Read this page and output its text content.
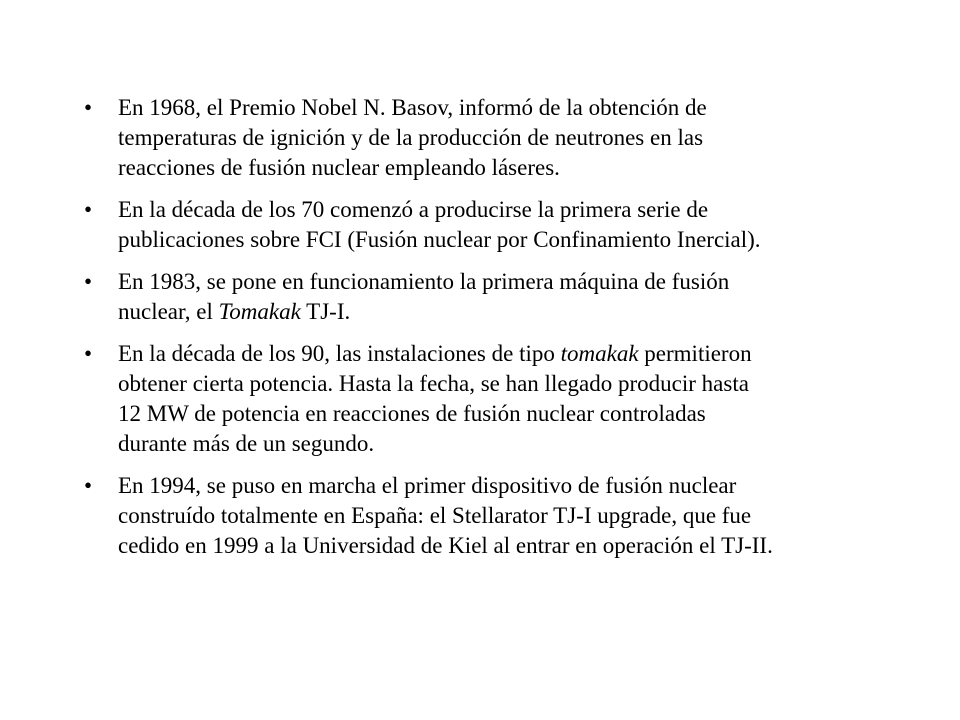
•	En 1968, el Premio Nobel N. Basov, informó de la obtención de
temperaturas de ignición y de la producción de neutrones en las
reacciones de fusión nuclear empleando láseres.
•	En la década de los 70 comenzó a producirse la primera serie de
publicaciones sobre FCI (Fusión nuclear por Confinamiento Inercial).
•	En 1983, se pone en funcionamiento la primera máquina de fusión
nuclear, el Tomakak TJ-I.
•	En la década de los 90, las instalaciones de tipo tomakak permitieron
obtener cierta potencia. Hasta la fecha, se han llegado producir hasta
12 MW de potencia en reacciones de fusión nuclear controladas
durante más de un segundo.
•	En 1994, se puso en marcha el primer dispositivo de fusión nuclear
construído totalmente en España: el Stellarator TJ-I upgrade, que fue
cedido en 1999 a la Universidad de Kiel al entrar en operación el TJ-II.
